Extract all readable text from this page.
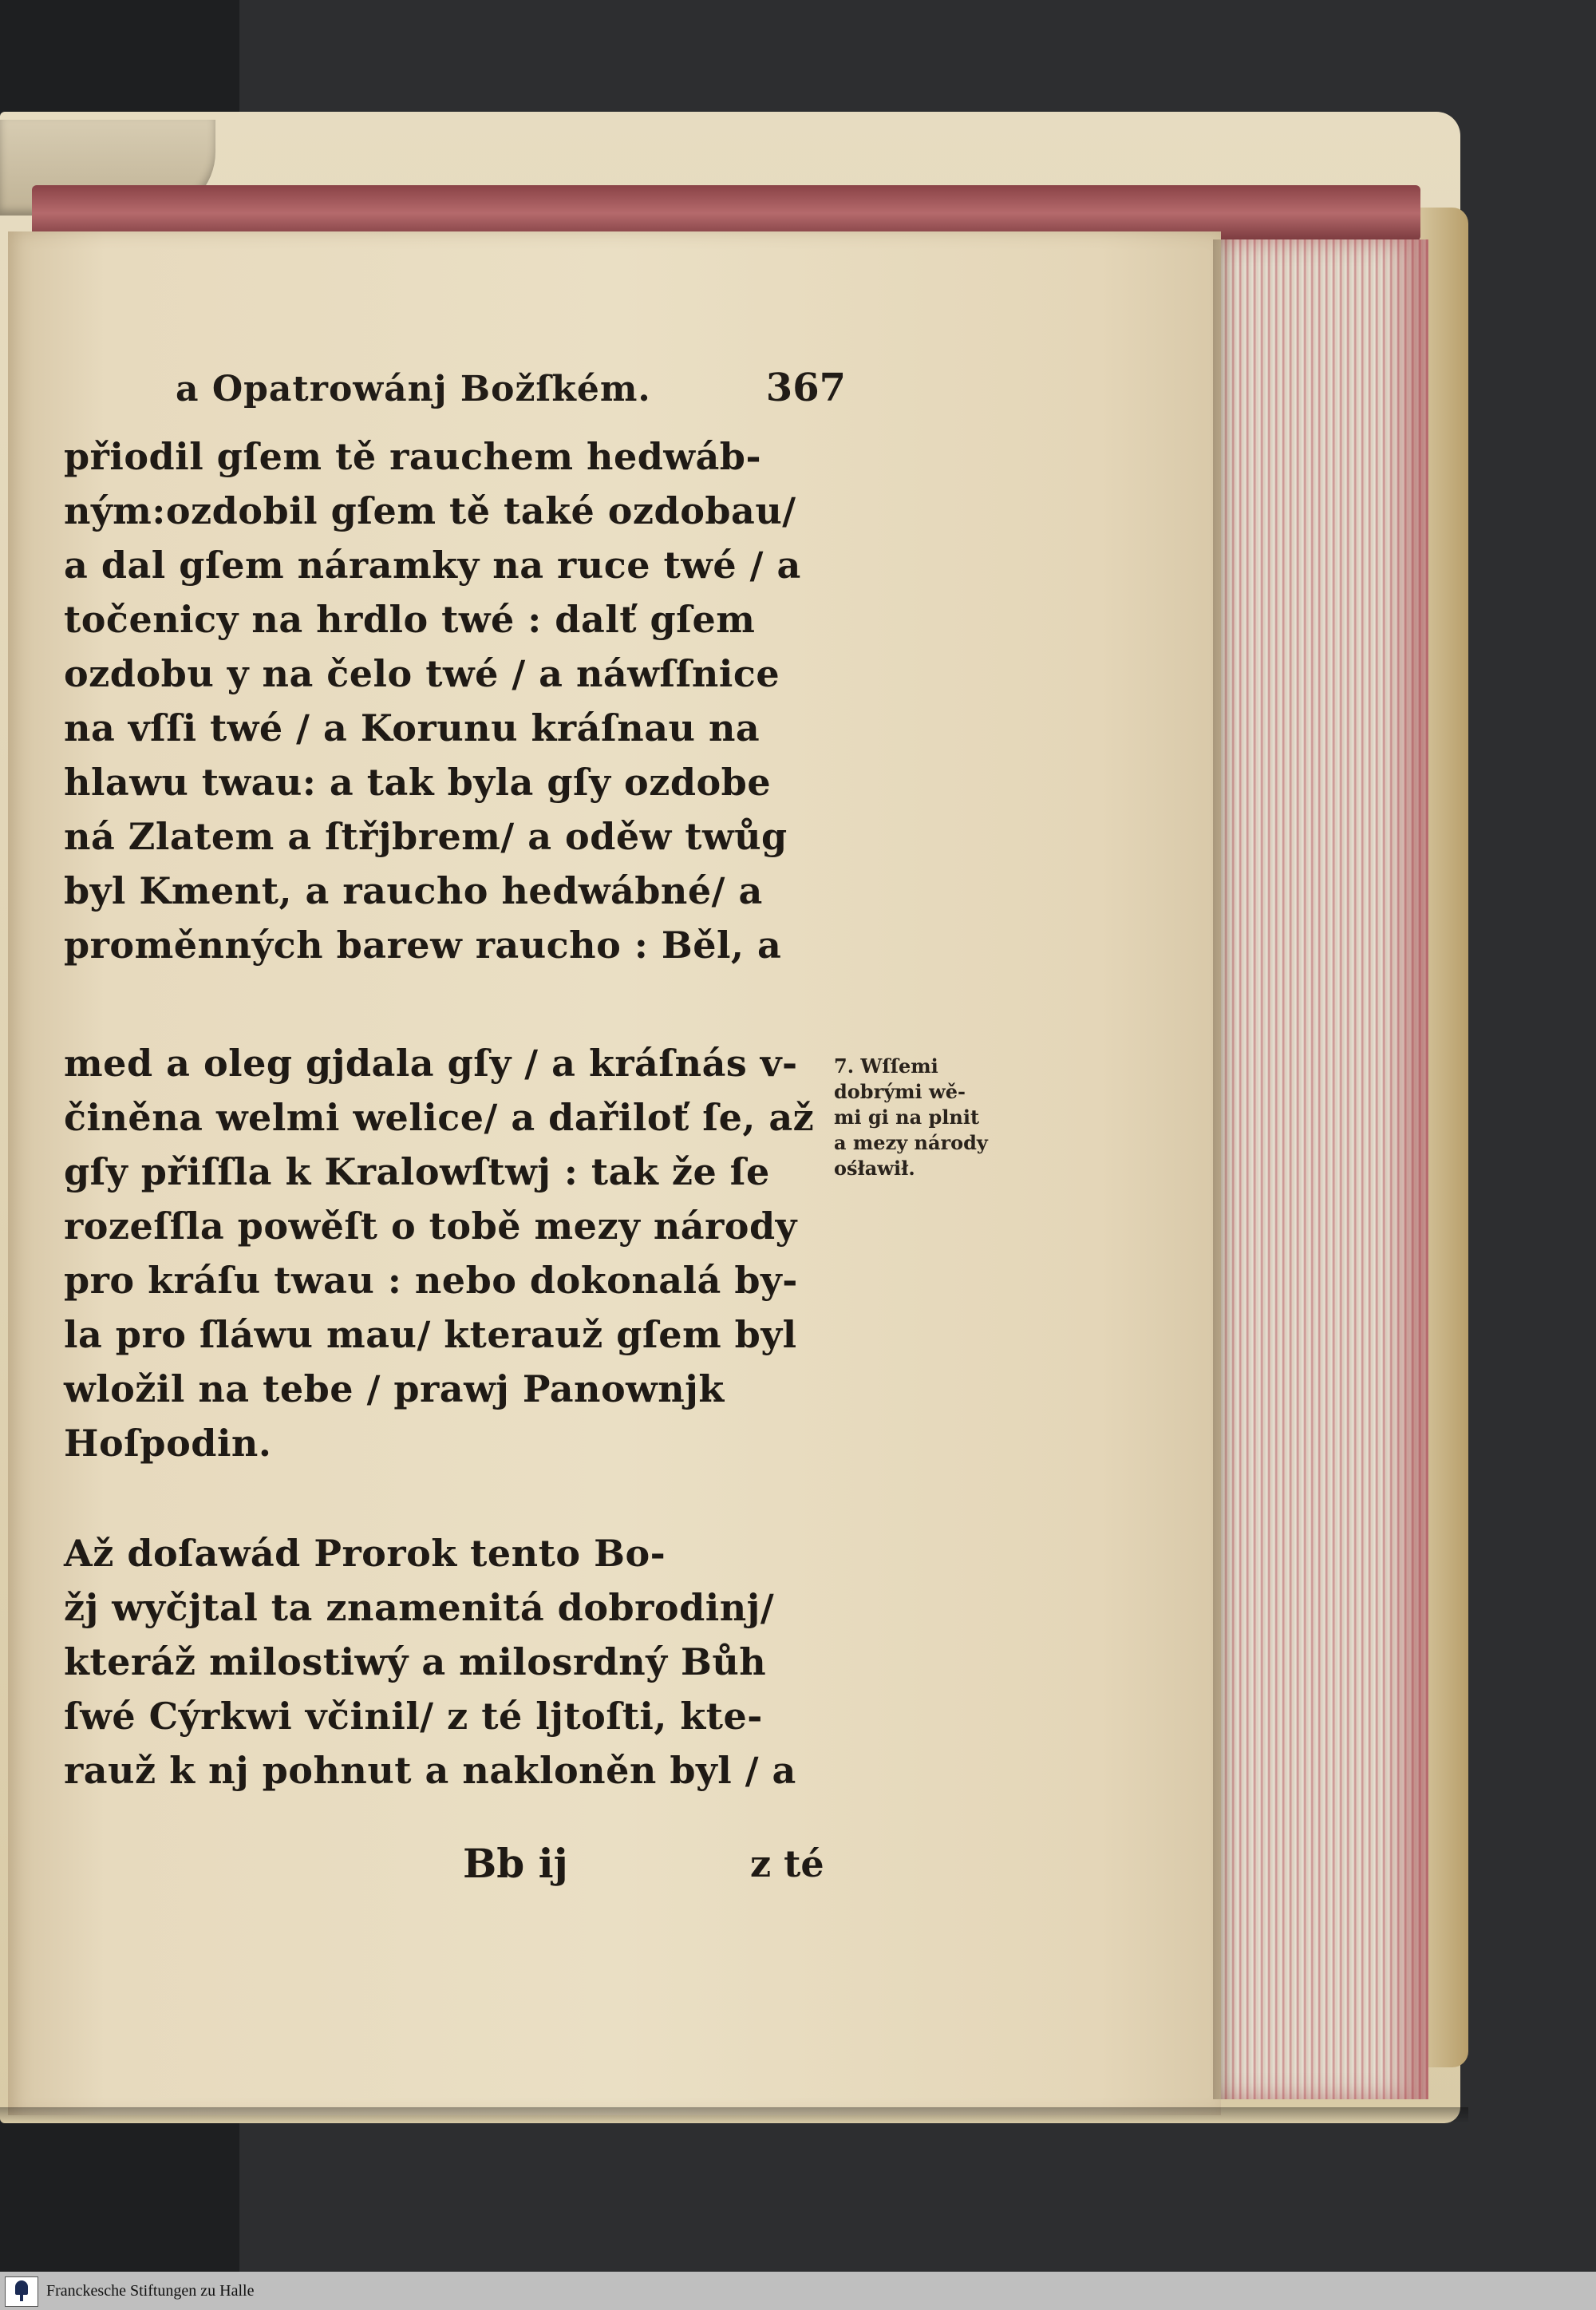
a Opatrowánj Božſkém.	367
přiodil gſem tě rauchem hedwáb-
ným:ozdobil gſem tě také ozdobau/
a dal gſem náramky na ruce twé / a
točenicy na hrdlo twé : dalť gſem
ozdobu y na čelo twé / a náwſſnice
na vſſi twé / a Korunu kráſnau na
hlawu twau: a tak byla gſy ozdobe
ná Zlatem a ſtřjbrem/ a oděw twůg
byl Kment, a raucho hedwábné/ a
proměnných barew raucho : Běl, a
med a oleg gjdala gſy / a kráſnás v-
činěna welmi welice/ a dařiloť ſe, až
gſy přiſſla k Kralowſtwj : tak že ſe
rozeſſla powěſt o tobě mezy národy
pro kráſu twau : nebo dokonalá by-
la pro ſláwu mau/ kterauž gſem byl
wložil na tebe / prawj Panownjk
Hoſpodin.
Až doſawád Prorok tento Bo-
žj wyčjtal ta znamenitá dobrodinj/
kteráž milostiwý a milosrdný Bůh
ſwé Cýrkwi včinil/ z té ljtoſti, kte-
rauž k nj pohnut a nakloněn byl / a
7. Wſſemi
dobrými wě-
mi gi na plnit
a mezy národy
ośławił.
Bb ij	z té
Franckesche Stiftungen zu Halle
